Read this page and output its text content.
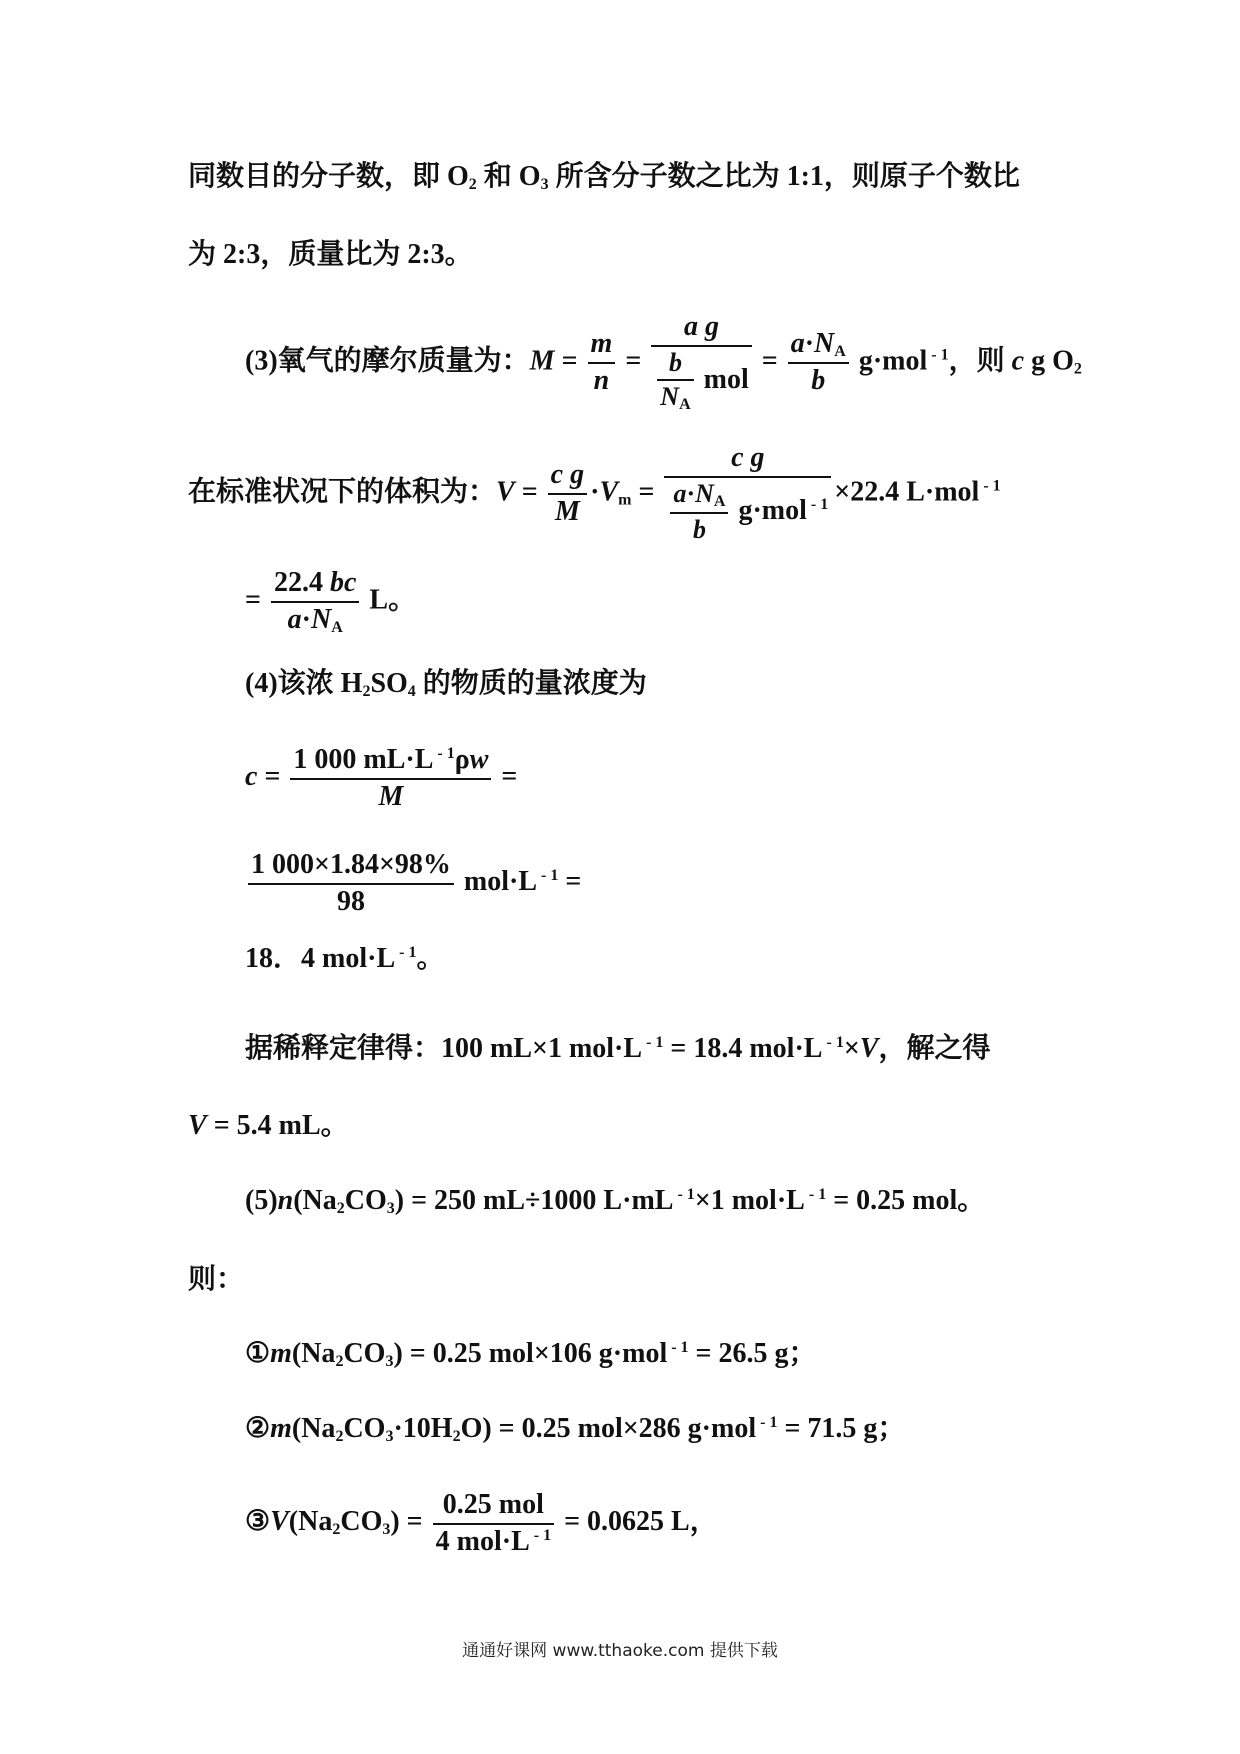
同数目的分子数，即 $O_2$ 和 $O_3$ 所含分子数之比为 1:1，则原子个数比
为 2:3，质量比为 2:3。
(3)氧气的摩尔质量为：$M = \frac{m}{n} = \frac{\text{a g}}{\frac{b}{N_A} mol} = \frac{a\cdot N_A}{b} g\cdot mol$ $^{- 1}$，则 c g $O_2$
在标准状况下的体积为：$V = \frac{\text{c g}}{M} \cdot V_m = \frac{\text{c g}}{\frac{a\cdot N_A}{b} g\cdot mol ^{- 1}} \times 22.4$ L·mol $^{- 1}$
= $\frac{22.4 bc}{a\cdot N_A}$ L。
(4)该浓 $H_2SO_4$ 的物质的量浓度为
$c = \frac{1 000 mL\cdot L ^{- 1}\rho w}{M}$ =
$\frac{1 000\times 1.84\times 98\%}{98} mol\cdot L$ $^{- 1}$ =
18．4 mol·L $^{- 1}$。
据稀释定律得：100 mL×1 mol·L $^{- 1}$ = 18.4 mol·L $^{- 1}$×V，解之得
V = 5.4 mL。
$(5)n(Na_2CO_3) = 250$ mL÷1000 L·mL $^{- 1}$×1 mol·L $^{- 1}$ = 0.25 mol。
则：
$①m(Na_2CO_3) = 0.25$ mol×106 g·mol $^{- 1}$ = 26.5 g；
$②m(Na_2CO_3\cdot 10H_2O) = 0.25$ mol×286 g·mol $^{- 1}$ = 71.5 g；
$③V(Na_2CO_3) = \frac{\text{0.25 mol}}{4 mol\cdot L ^{- 1}} = 0.0625$ L，
通通好课网 www.tthaoke.com 提供下载
